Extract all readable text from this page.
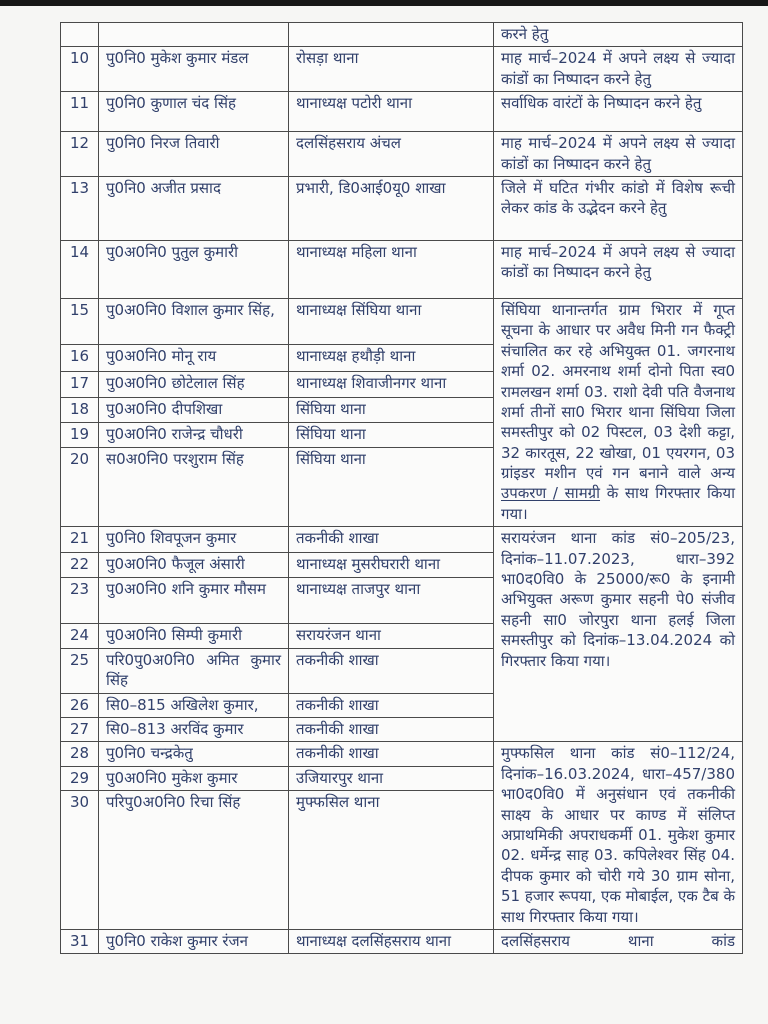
			करने हेतु
10	पु0नि0 मुकेश कुमार मंडल	रोसड़ा थाना	माह मार्च–2024 में अपने लक्ष्य से ज्यादा कांडों का निष्पादन करने हेतु
11	पु0नि0 कुणाल चंद सिंह	थानाध्यक्ष पटोरी थाना	सर्वाधिक वारंटों के निष्पादन करने हेतु
12	पु0नि0 निरज तिवारी	दलसिंहसराय अंचल	माह मार्च–2024 में अपने लक्ष्य से ज्यादा कांडों का निष्पादन करने हेतु
13	पु0नि0 अजीत प्रसाद	प्रभारी, डि0आई0यू0 शाखा	जिले में घटित गंभीर कांडो में विशेष रूची लेकर कांड के उद्भेदन करने हेतु
14	पु0अ0नि0 पुतुल कुमारी	थानाध्यक्ष महिला थाना	माह मार्च–2024 में अपने लक्ष्य से ज्यादा कांडों का निष्पादन करने हेतु
15	पु0अ0नि0 विशाल कुमार सिंह,	थानाध्यक्ष सिंघिया थाना	सिंघिया थानान्तर्गत ग्राम भिरार में गूप्त सूचना के आधार पर अवैध मिनी गन फैक्ट्री संचालित कर रहे अभियुक्त 01. जगरनाथ शर्मा 02. अमरनाथ शर्मा दोनो पिता स्व0 रामलखन शर्मा 03. राशो देवी पति वैजनाथ शर्मा तीनों सा0 भिरार थाना सिंघिया जिला समस्तीपुर को 02 पिस्टल, 03 देशी कट्टा, 32 कारतूस, 22 खोखा, 01 एयरगन, 03 ग्रांइडर मशीन एवं गन बनाने वाले अन्य उपकरण / सामग्री के साथ गिरफ्तार किया गया।
16	पु0अ0नि0 मोनू राय	थानाध्यक्ष हथौड़ी थाना	
17	पु0अ0नि0 छोटेलाल सिंह	थानाध्यक्ष शिवाजीनगर थाना	
18	पु0अ0नि0 दीपशिखा	सिंघिया थाना	
19	पु0अ0नि0 राजेन्द्र चौधरी	सिंघिया थाना	
20	स0अ0नि0 परशुराम सिंह	सिंघिया थाना	
21	पु0नि0 शिवपूजन कुमार	तकनीकी शाखा	सरायरंजन थाना कांड सं0–205/23, दिनांक–11.07.2023, धारा–392 भा0द0वि0 के 25000/रू0 के इनामी अभियुक्त अरूण कुमार सहनी पे0 संजीव सहनी सा0 जोरपुरा थाना हलई जिला समस्तीपुर को दिनांक–13.04.2024 को गिरफ्तार किया गया।
22	पु0अ0नि0 फैजूल अंसारी	थानाध्यक्ष मुसरीघरारी थाना	
23	पु0अ0नि0 शनि कुमार मौसम	थानाध्यक्ष ताजपुर थाना	
24	पु0अ0नि0 सिम्पी कुमारी	सरायरंजन थाना	
25	परि0पु0अ0नि0 अमित कुमार सिंह	तकनीकी शाखा	
26	सि0–815 अखिलेश कुमार,	तकनीकी शाखा	
27	सि0–813 अरविंद कुमार	तकनीकी शाखा	
28	पु0नि0 चन्द्रकेतु	तकनीकी शाखा	मुफ्फसिल थाना कांड सं0–112/24, दिनांक–16.03.2024, धारा–457/380 भा0द0वि0 में अनुसंधान एवं तकनीकी साक्ष्य के आधार पर काण्ड में संलिप्त अप्राथमिकी अपराधकर्मी 01. मुकेश कुमार 02. धर्मेन्द्र साह 03. कपिलेश्वर सिंह 04. दीपक कुमार को चोरी गये 30 ग्राम सोना, 51 हजार रूपया, एक मोबाईल, एक टैब के साथ गिरफ्तार किया गया।
29	पु0अ0नि0 मुकेश कुमार	उजियारपुर थाना	
30	परिपु0अ0नि0 रिचा सिंह	मुफ्फसिल थाना	
31	पु0नि0 राकेश कुमार रंजन	थानाध्यक्ष दलसिंहसराय थाना	दलसिंहसराय थाना कांड
